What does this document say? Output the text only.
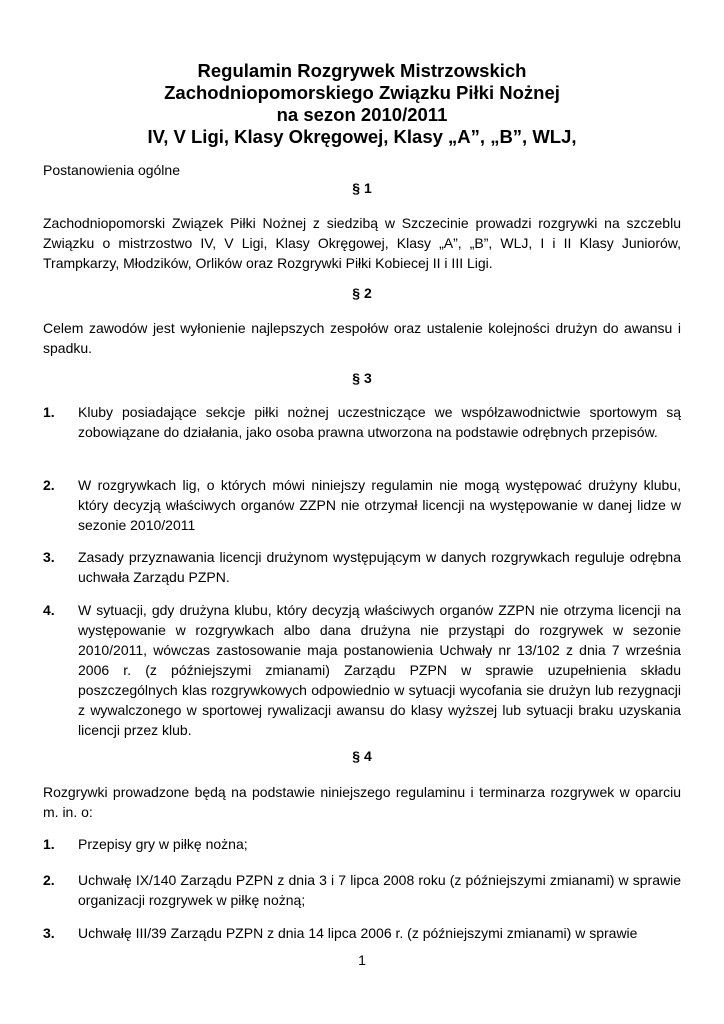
Regulamin Rozgrywek Mistrzowskich
Zachodniopomorskiego Związku Piłki Nożnej
na sezon 2010/2011
IV, V Ligi, Klasy Okręgowej, Klasy „A”, „B”, WLJ,
Postanowienia ogólne
§ 1
Zachodniopomorski Związek Piłki Nożnej z siedzibą w Szczecinie prowadzi rozgrywki na szczeblu Związku o mistrzostwo IV, V Ligi, Klasy Okręgowej, Klasy „A”, „B”, WLJ, I i II Klasy Juniorów, Trampkarzy, Młodzików, Orlików oraz Rozgrywki Piłki Kobiecej II i III Ligi.
§ 2
Celem zawodów jest wyłonienie najlepszych zespołów oraz ustalenie kolejności drużyn do awansu i spadku.
§ 3
1.	Kluby posiadające sekcje piłki nożnej uczestniczące we współzawodnictwie sportowym są zobowiązane do działania, jako osoba prawna utworzona na podstawie odrębnych przepisów.
2.	W rozgrywkach lig, o których mówi niniejszy regulamin nie mogą występować drużyny klubu, który decyzją właściwych organów ZZPN nie otrzymał licencji na występowanie w danej lidze w sezonie 2010/2011
3.	Zasady przyznawania licencji drużynom występującym w danych rozgrywkach reguluje odrębna uchwała Zarządu PZPN.
4.	W sytuacji, gdy drużyna klubu, który decyzją właściwych organów ZZPN nie otrzyma licencji na występowanie w rozgrywkach albo dana drużyna nie przystąpi do rozgrywek w sezonie 2010/2011, wówczas zastosowanie maja postanowienia Uchwały nr 13/102 z dnia 7 września 2006 r. (z późniejszymi zmianami) Zarządu PZPN w sprawie uzupełnienia składu poszczególnych klas rozgrywkowych odpowiednio w sytuacji wycofania sie drużyn lub rezygnacji z wywalczonego w sportowej rywalizacji awansu do klasy wyższej lub sytuacji braku uzyskania licencji przez klub.
§ 4
Rozgrywki prowadzone będą na podstawie niniejszego regulaminu i terminarza rozgrywek w oparciu m. in. o:
1.	Przepisy gry w piłkę nożna;
2.	Uchwałę IX/140 Zarządu PZPN z dnia 3 i 7 lipca 2008 roku (z późniejszymi zmianami) w sprawie organizacji rozgrywek w piłkę nożną;
3.	Uchwałę III/39 Zarządu PZPN z dnia 14 lipca 2006 r. (z późniejszymi zmianami) w sprawie
1
